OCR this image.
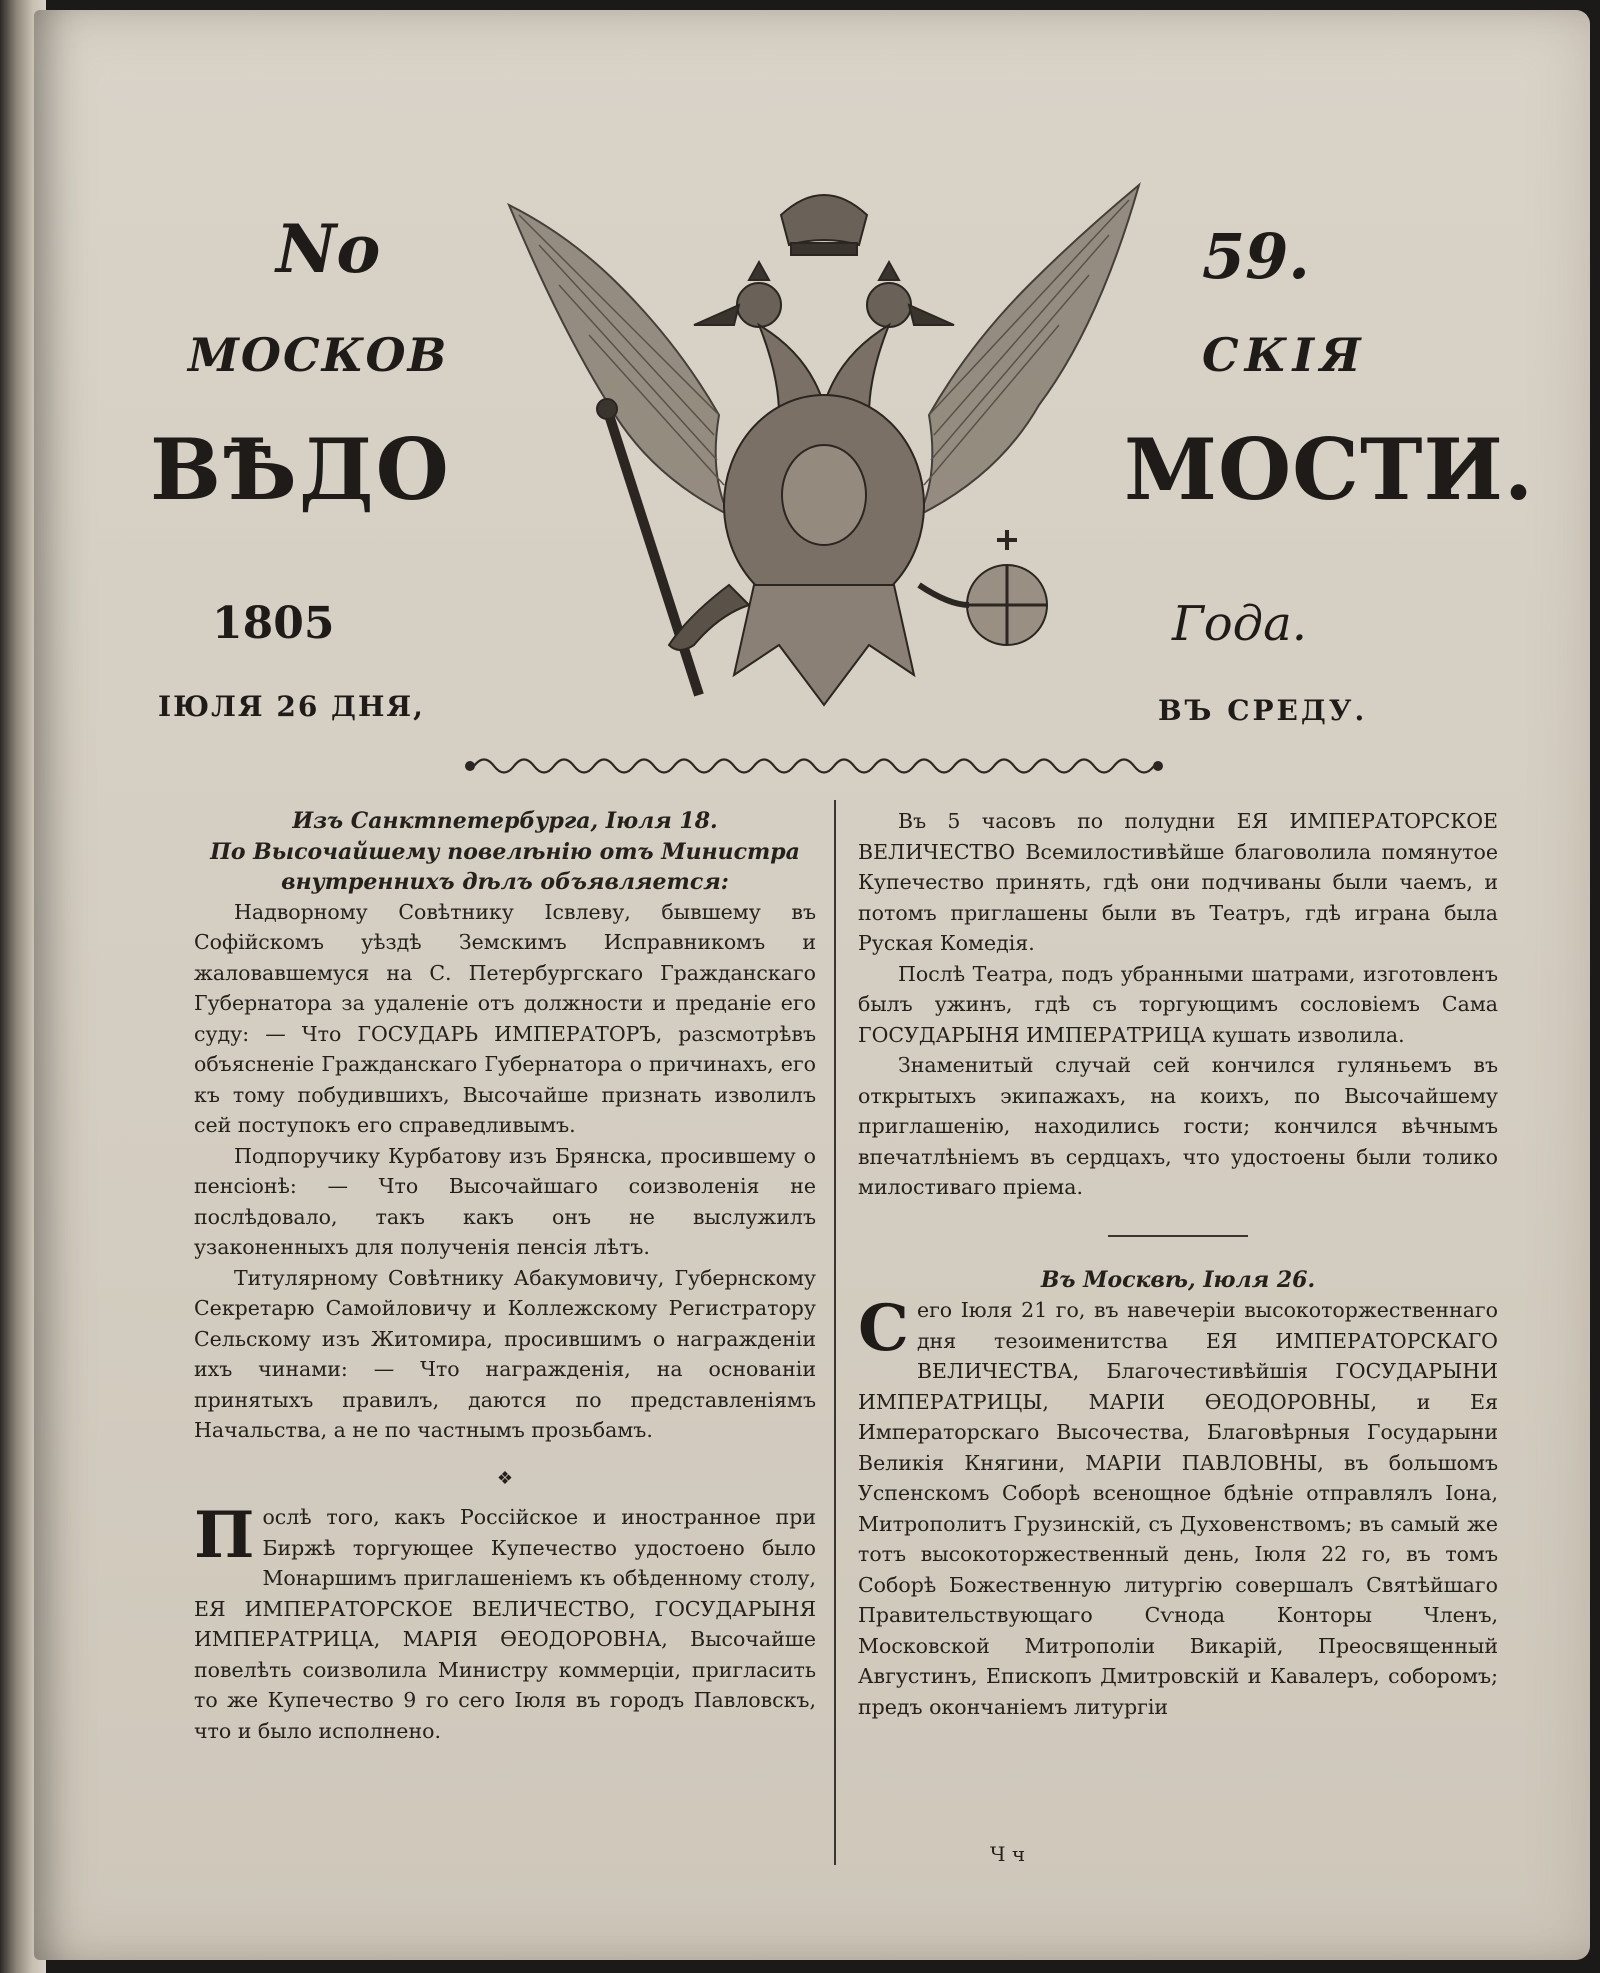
No	59.
МОСКОВ	СКІЯ
ВѢДО	МОСТИ.
1805	Года.
ІЮЛЯ 26 ДНЯ,	ВЪ СРЕДУ.

Изъ Санктпетербурга, Іюля 18.

По Высочайшему повелѣнію отъ Министра внутреннихъ дѣлъ объявляется:

Надворному Совѣтнику Ісвлеву, бывшему въ Софійскомъ уѣздѣ Земскимъ Исправникомъ и жаловавшемуся на С. Петербургскаго Гражданскаго Губернатора за удаленіе отъ должности и преданіе его суду: — Что ГОСУДАРЬ ИМПЕРАТОРЪ, разсмотрѣвъ объясненіе Гражданскаго Губернатора о причинахъ, его къ тому побудившихъ, Высочайше признать изволилъ сей поступокъ его справедливымъ.

Подпоручику Курбатову изъ Брянска, просившему о пенсіонѣ: — Что Высочайшаго соизволенія не послѣдовало, такъ какъ онъ не выслужилъ узаконенныхъ для полученія пенсія лѣтъ.

Титулярному Совѣтнику Абакумовичу, Губернскому Секретарю Самойловичу и Коллежскому Регистратору Сельскому изъ Житомира, просившимъ о награжденіи ихъ чинами: — Что награжденія, на основаніи принятыхъ правилъ, даются по представленіямъ Начальства, а не по частнымъ прозьбамъ.

❖

Послѣ того, какъ Россійское и иностранное при Биржѣ торгующее Купечество удостоено было Монаршимъ приглашеніемъ къ обѣденному столу, ЕЯ ИМПЕРАТОРСКОЕ ВЕЛИЧЕСТВО, ГОСУДАРЫНЯ ИМПЕРАТРИЦА, МАРІЯ ѲЕОДОРОВНА, Высочайше повелѣть соизволила Министру коммерціи, пригласить то же Купечество 9 го сего Іюля въ городъ Павловскъ, что и было исполнено.

Въ 5 часовъ по полудни ЕЯ ИМПЕРАТОРСКОЕ ВЕЛИЧЕСТВО Всемилостивѣйше благоволила помянутое Купечество принять, гдѣ они подчиваны были чаемъ, и потомъ приглашены были въ Театръ, гдѣ играна была Руская Комедія.

Послѣ Театра, подъ убранными шатрами, изготовленъ былъ ужинъ, гдѣ съ торгующимъ сословіемъ Сама ГОСУДАРЫНЯ ИМПЕРАТРИЦА кушать изволила.

Знаменитый случай сей кончился гуляньемъ въ открытыхъ экипажахъ, на коихъ, по Высочайшему приглашенію, находились гости; кончился вѣчнымъ впечатлѣніемъ въ сердцахъ, что удостоены были толико милостиваго пріема.

Въ Москвѣ, Іюля 26.

Сего Іюля 21 го, въ навечеріи высокоторжественнаго дня тезоименитства ЕЯ ИМПЕРАТОРСКАГО ВЕЛИЧЕСТВА, Благочестивѣйшія ГОСУДАРЫНИ ИМПЕРАТРИЦЫ, МАРІИ ѲЕОДОРОВНЫ, и Ея Императорскаго Высочества, Благовѣрныя Государыни Великія Княгини, МАРІИ ПАВЛОВНЫ, въ большомъ Успенскомъ Соборѣ всенощное бдѣніе отправлялъ Іона, Митрополитъ Грузинскій, съ Духовенствомъ; въ самый же тотъ высокоторжественный день, Іюля 22 го, въ томъ Соборѣ Божественную литургію совершалъ Святѣйшаго Правительствующаго Сѵнода Конторы Членъ, Московской Митрополіи Викарій, Преосвященный Августинъ, Епископъ Дмитровскій и Кавалеръ, соборомъ; предъ окончаніемъ литургіи

Ч ч
